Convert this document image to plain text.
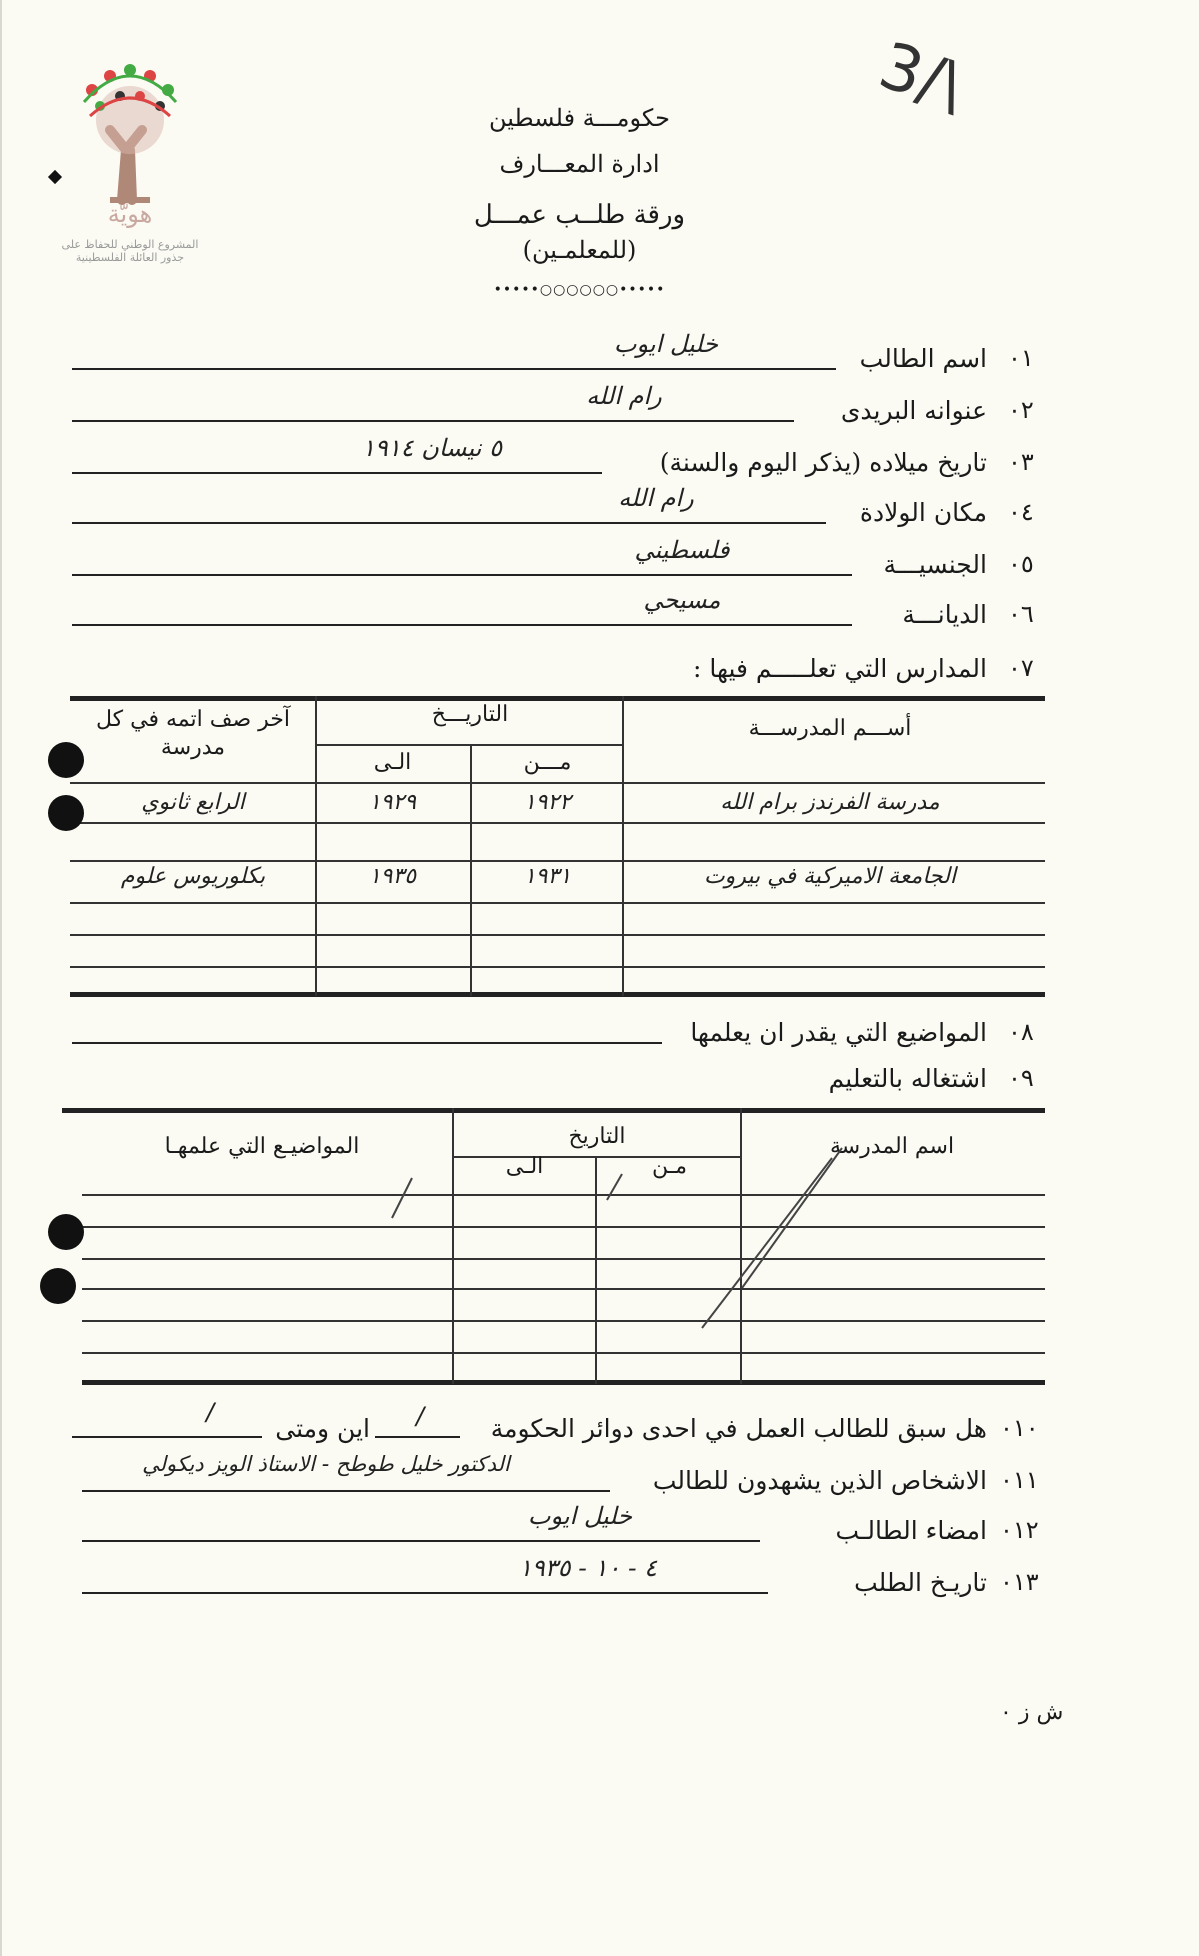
هويّة
المشروع الوطني للحفاظ على جذور العائلة الفلسطينية
3/\
حكومـــة فلسطين
ادارة المعـــارف
ورقة طلــب عمـــل
(للمعلمـين)
•••••○○○○○○•••••
٠١
اسم الطالب
خليل ايوب
٠٢
عنوانه البريدى
رام الله
٠٣
تاريخ ميلاده (يذكر اليوم والسنة)
٥ نيسان ١٩١٤
٠٤
مكان الولادة
رام الله
٠٥
الجنسيـــة
فلسطيني
٠٦
الديانـــة
مسيحي
٠٧
المدارس التي تعلـــــم فيها :
أســـم المدرســـة
التاريـــخ
مـــن
الـى
آخر صف اتمه في كل مدرسة
مدرسة الفرندز برام الله
١٩٢٢
١٩٢٩
الرابع ثانوي
الجامعة الاميركية في بيروت
١٩٣١
١٩٣٥
بكلوريوس علوم
٠٨
المواضيع التي يقدر ان يعلمها
٠٩
اشتغاله بالتعليم
اسم المدرسة
التاريخ
مـن
الـى
المواضيـع التي علمهـا
٠١٠
هل سبق للطالب العمل في احدى دوائر الحكومة
/
اين ومتى
/
٠١١
الاشخاص الذين يشهدون للطالب
الدكتور خليل طوطح - الاستاذ الويز ديكولي
٠١٢
امضاء الطالـب
خليل ايوب
٠١٣
تاريـخ الطلب
٤ - ١٠ - ١٩٣٥
ش ز ٠
